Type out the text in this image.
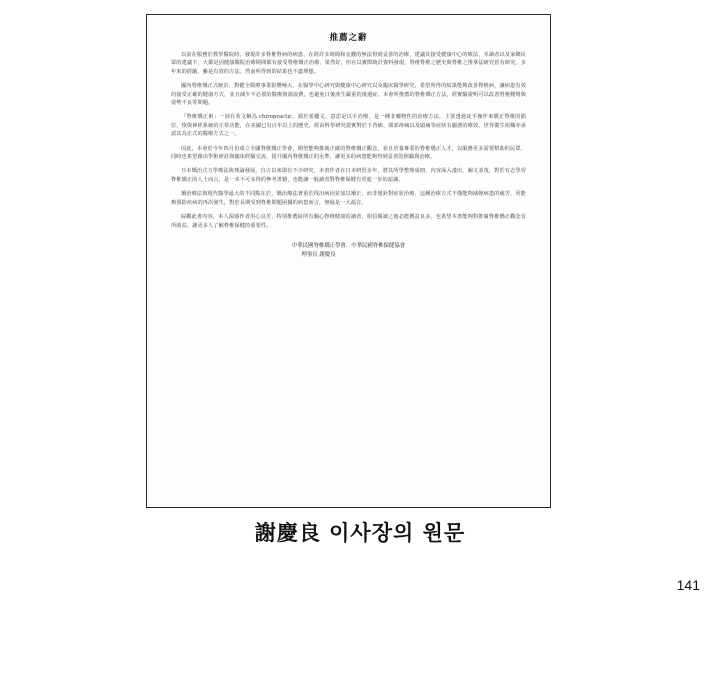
推薦之辭

以前在服務於教學醫院時，發現許多脊椎脊病的病患，在經許多時間和金錢的無法得到妥善的治療，建議其接受健康中心的療法，本讀者以及家鄉民眾的建議下，大都是因健康醫院治療期間都有接受脊椎矯正治療，果然好，但在以實際統計資料發現，脊椎脊椎之歷史與脊椎之推拿法研究甚有研究，多年來的經驗，雖是有效的方法，然而所得到的結果也不盡理想。

國內脊椎矯正式統計，對健全醫療事業影響極大，在醫學中心研究與健康中心研究以及臨床醫學研究，希望所得的結果能夠改善脊椎病，讓病患有效的接受正確的健康方式，並且減少不必要的醫療資源浪費，也避免日後產生嚴重的後遺症，本會所推薦的脊椎矯正方法，經實驗證明可以改善脊椎側彎與姿勢不良等問題。

「脊椎矯正術」一詞在英文稱為 chiropractic，源於希臘文，意思是以手治療，是一種非藥物性的治療方法，主要透過徒手操作來矯正脊椎的錯位，恢復神經系統的正常功能，在美國已有百年以上的歷史，經由科學研究證實對於下背痛、頸部疼痛以及頭痛等症狀有顯著的療效，世界衛生組織亦承認其為正式的醫療方式之一。

因此，本會於今年四月份成立全國脊椎矯正學會，期望能夠推廣正確的脊椎矯正觀念，並且培養專業的脊椎矯正人才，以服務更多需要幫助的民眾，同時也希望藉由學術研討與臨床經驗交流，提升國內脊椎矯正的水準，讓更多的病患能夠得到妥善的照顧與治療。

日本矯治式力學療法與理論發展，自古以來即有不少研究，本書作者在日本研習多年，將其所學整理成冊，內容深入淺出，圖文並茂，對於有志學習脊椎矯正的人士而言，是一本不可多得的參考書籍，也能讓一般讀者對脊椎保健有更進一步的認識。

矯治療法與現代醫學最大的不同點在於，矯治療法著重於找出病因並加以矯正，而非僅針對症狀治療，這種治療方式不僅能夠減輕病患的痛苦，更能夠預防疾病的再次發生，對於長期受到脊椎問題困擾的病患而言，無疑是一大福音。

綜觀此書內容，本人深感作者用心良苦，特別推薦給所有關心脊椎健康的讀者，相信閱讀之後必能獲益良多，也希望本書能夠對推廣脊椎矯正觀念有所助益，讓更多人了解脊椎保健的重要性。

中華民國脊椎矯正學會．中華民國脊椎保健協會
理事長 謝慶良
謝慶良 이사장의 원문
141
